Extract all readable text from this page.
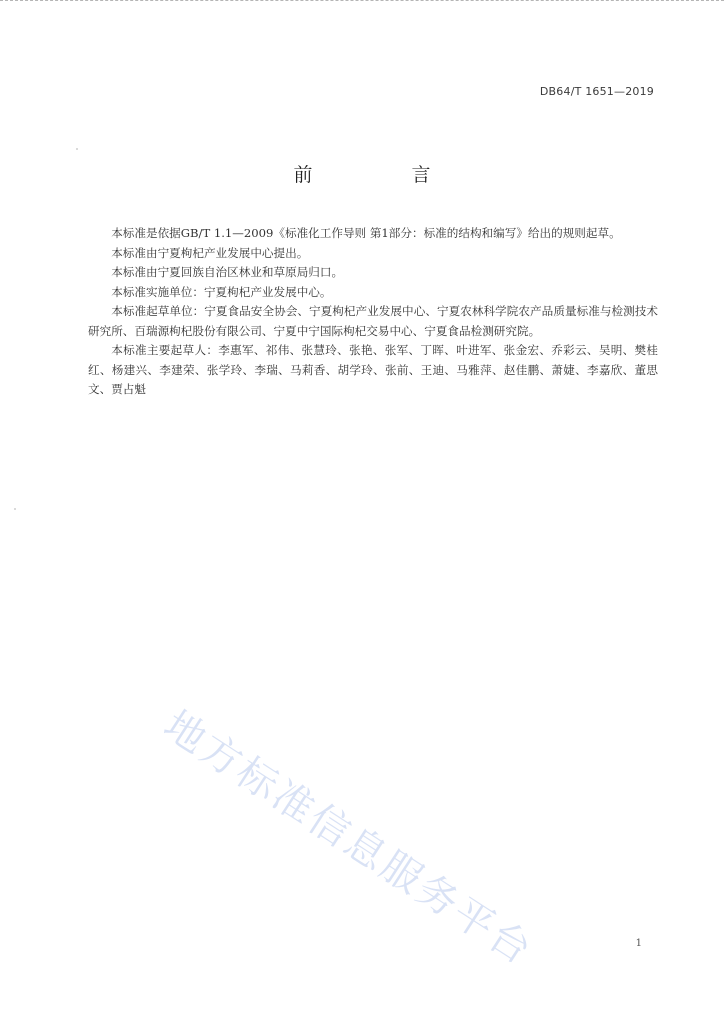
DB64/T 1651—2019
前　言

本标准是依据GB/T 1.1—2009《标准化工作导则 第1部分：标准的结构和编写》给出的规则起草。

本标准由宁夏枸杞产业发展中心提出。

本标准由宁夏回族自治区林业和草原局归口。

本标准实施单位：宁夏枸杞产业发展中心。

本标准起草单位：宁夏食品安全协会、宁夏枸杞产业发展中心、宁夏农林科学院农产品质量标准与检测技术研究所、百瑞源枸杞股份有限公司、宁夏中宁国际枸杞交易中心、宁夏食品检测研究院。

本标准主要起草人：李惠军、祁伟、张慧玲、张艳、张军、丁晖、叶进军、张金宏、乔彩云、吴明、樊桂红、杨建兴、李建荣、张学玲、李瑞、马莉香、胡学玲、张前、王迪、马雅萍、赵佳鹏、萧婕、李嘉欣、董思文、贾占魁

地方标准信息服务平台	1
